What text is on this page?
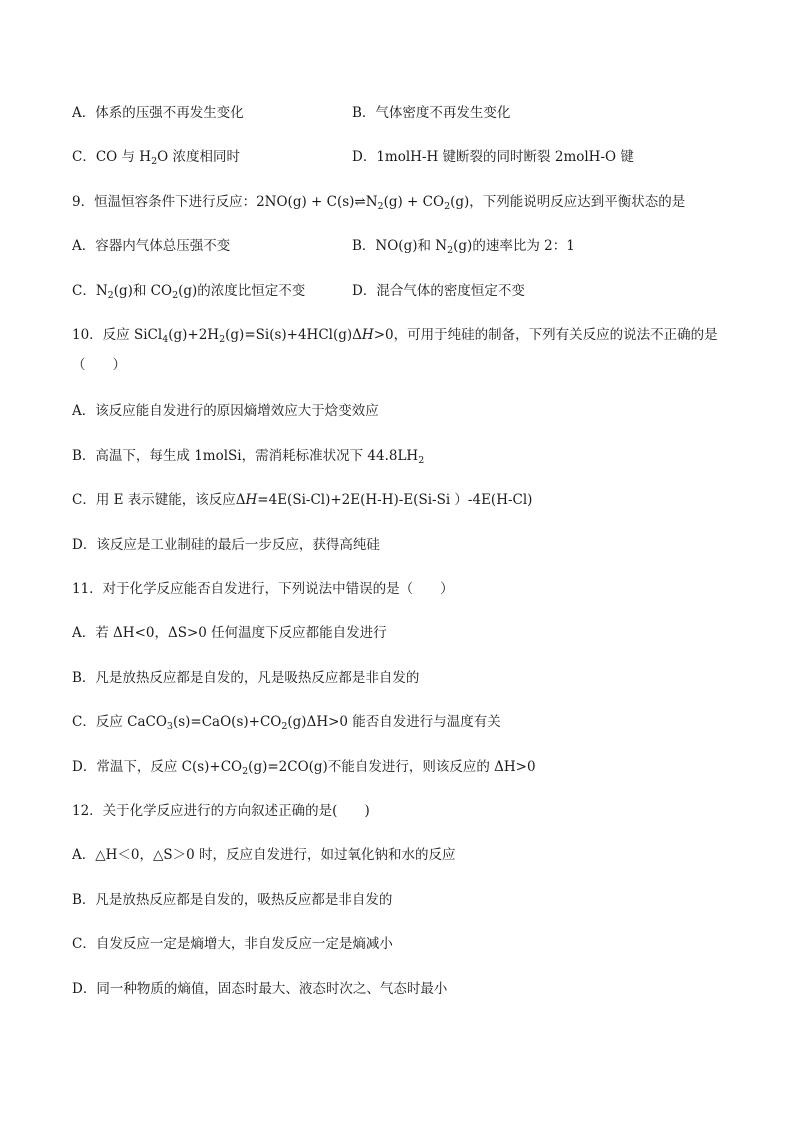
A．体系的压强不再发生变化	B．气体密度不再发生变化
C．CO 与 $H_2O$ 浓度相同时	D．1molH-H 键断裂的同时断裂 2molH-O 键
9．恒温恒容条件下进行反应：$2NO(g) + C(s)\rightleftharpoons N_2(g) + CO_2(g)$，下列能说明反应达到平衡状态的是
A．容器内气体总压强不变	B．NO(g)和 $N_2(g)$的速率比为 2：1
C．$N_2(g)$和 $CO_2(g)$的浓度比恒定不变	D．混合气体的密度恒定不变
10．反应 $SiCl_4(g)+2H_2(g)=Si(s)+4HCl(g)\Delta H>0$，可用于纯硅的制备，下列有关反应的说法不正确的是
（　　）
A．该反应能自发进行的原因熵增效应大于焓变效应
B．高温下，每生成 1molSi，需消耗标准状况下 $44.8LH_2$
C．用 E 表示键能，该反应ΔH=4E(Si-Cl)+2E(H-H)-E(Si-Si ）-4E(H-Cl)
D．该反应是工业制硅的最后一步反应，获得高纯硅
11．对于化学反应能否自发进行，下列说法中错误的是（　　）
A．若 ΔH<0，ΔS>0 任何温度下反应都能自发进行
B．凡是放热反应都是自发的，凡是吸热反应都是非自发的
C．反应 $CaCO_3(s)=CaO(s)+CO_2(g)\Delta H>0$ 能否自发进行与温度有关
D．常温下，反应 $C(s)+CO_2(g)=2CO(g)$不能自发进行，则该反应的 ΔH>0
12．关于化学反应进行的方向叙述正确的是(　　)
A．△H＜0，△S＞0 时，反应自发进行，如过氧化钠和水的反应
B．凡是放热反应都是自发的，吸热反应都是非自发的
C．自发反应一定是熵增大，非自发反应一定是熵减小
D．同一种物质的熵值，固态时最大、液态时次之、气态时最小
